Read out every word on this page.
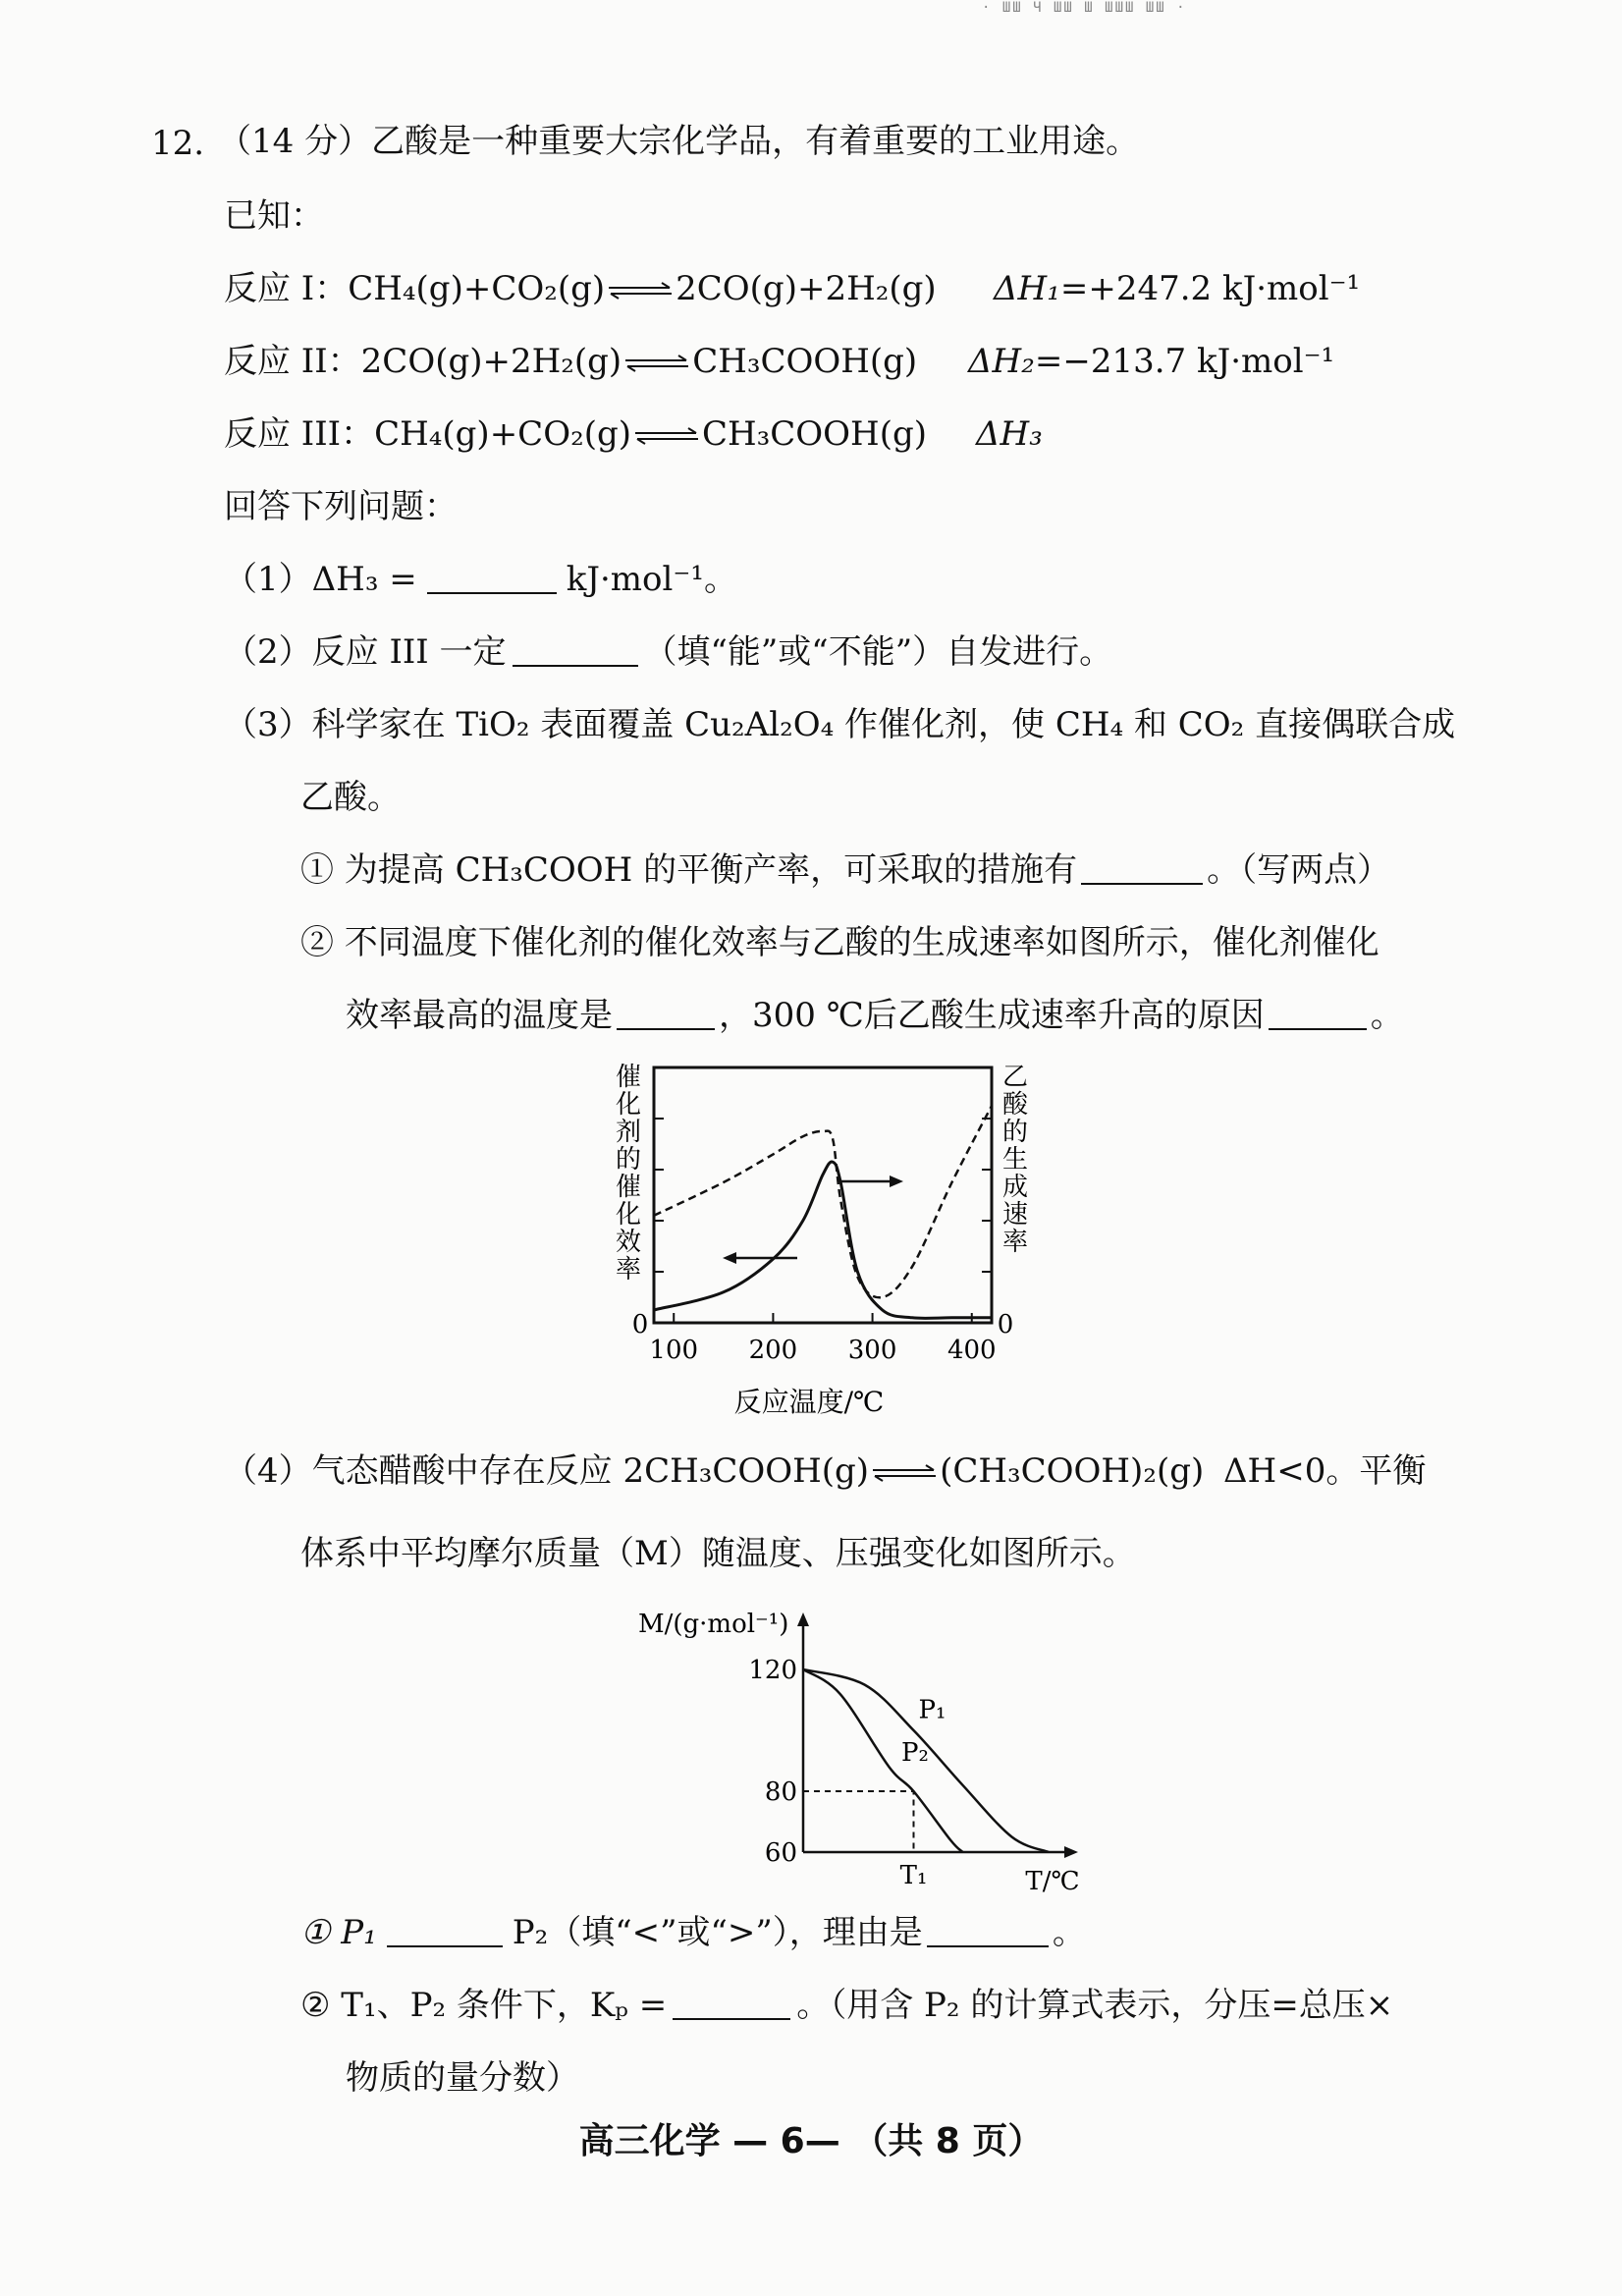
· ШШ Ч ШШ Ш ШШШ ШШ ·
12. （14 分）乙酸是一种重要大宗化学品，有着重要的工业用途。
已知：
反应 I：CH₄(g)+CO₂(g) ⇌ 2CO(g)+2H₂(g) ΔH₁=+247.2 kJ·mol⁻¹
反应 II：2CO(g)+2H₂(g) ⇌ CH₃COOH(g) ΔH₂=−213.7 kJ·mol⁻¹
反应 III：CH₄(g)+CO₂(g) ⇌ CH₃COOH(g) ΔH₃
回答下列问题：
（1）ΔH₃ =	kJ·mol⁻¹。
（2）反应 III 一定	（填“能”或“不能”）自发进行。
（3）科学家在 TiO₂ 表面覆盖 Cu₂Al₂O₄ 作催化剂，使 CH₄ 和 CO₂ 直接偶联合成
乙酸。
① 为提高 CH₃COOH 的平衡产率，可采取的措施有	。（写两点）
② 不同温度下催化剂的催化效率与乙酸的生成速率如图所示，催化剂催化
效率最高的温度是	，300 ℃后乙酸生成速率升高的原因	。
催
化
剂
的
催
化
效
率
乙
酸
的
生
成
速
率
0	0
100 200 300 400
反应温度/℃
（4）气态醋酸中存在反应 2CH₃COOH(g) ⇌ (CH₃COOH)₂(g) ΔH<0。平衡
体系中平均摩尔质量（M）随温度、压强变化如图所示。
M/(g·mol⁻¹)
120
80
60
P₁
P₂
T₁	T/℃
① P₁	P₂（填“<”或“>”），理由是	。
② T₁、P₂ 条件下，Kₚ =	。（用含 P₂ 的计算式表示，分压=总压×
物质的量分数）
高三化学 — 6— （共 8 页）
